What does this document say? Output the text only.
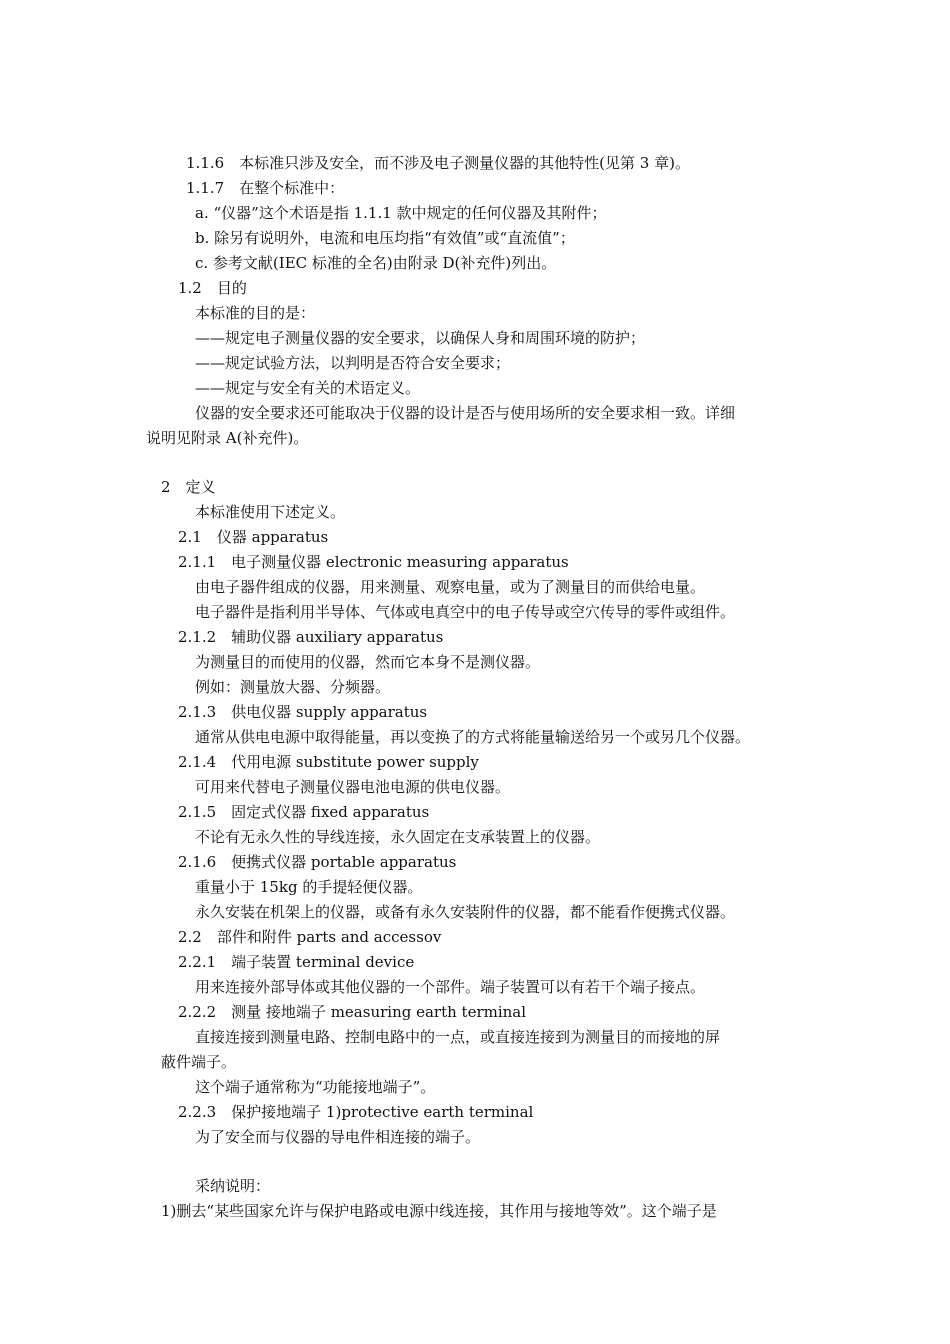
1.1.6　本标准只涉及安全，而不涉及电子测量仪器的其他特性(见第 3 章)。
1.1.7　在整个标准中：
a. “仪器”这个术语是指 1.1.1 款中规定的任何仪器及其附件；
b. 除另有说明外，电流和电压均指“有效值”或“直流值”；
c. 参考文献(IEC 标准的全名)由附录 D(补充件)列出。
1.2　目的
本标准的目的是：
——规定电子测量仪器的安全要求，以确保人身和周围环境的防护；
——规定试验方法，以判明是否符合安全要求；
——规定与安全有关的术语定义。
仪器的安全要求还可能取决于仪器的设计是否与使用场所的安全要求相一致。详细
说明见附录 A(补充件)。
2　定义
本标准使用下述定义。
2.1　仪器 apparatus
2.1.1　电子测量仪器 electronic measuring apparatus
由电子器件组成的仪器，用来测量、观察电量，或为了测量目的而供给电量。
电子器件是指利用半导体、气体或电真空中的电子传导或空穴传导的零件或组件。
2.1.2　辅助仪器 auxiliary apparatus
为测量目的而使用的仪器，然而它本身不是测仪器。
例如：测量放大器、分频器。
2.1.3　供电仪器 supply apparatus
通常从供电电源中取得能量，再以变换了的方式将能量输送给另一个或另几个仪器。
2.1.4　代用电源 substitute power supply
可用来代替电子测量仪器电池电源的供电仪器。
2.1.5　固定式仪器 fixed apparatus
不论有无永久性的导线连接，永久固定在支承装置上的仪器。
2.1.6　便携式仪器 portable apparatus
重量小于 15kg 的手提轻便仪器。
永久安装在机架上的仪器，或备有永久安装附件的仪器，都不能看作便携式仪器。
2.2　部件和附件 parts and accessov
2.2.1　端子装置 terminal device
用来连接外部导体或其他仪器的一个部件。端子装置可以有若干个端子接点。
2.2.2　测量 接地端子 measuring earth terminal
直接连接到测量电路、控制电路中的一点，或直接连接到为测量目的而接地的屏
蔽件端子。
这个端子通常称为“功能接地端子”。
2.2.3　保护接地端子 1)protective earth terminal
为了安全而与仪器的导电件相连接的端子。
采纳说明：
1)删去“某些国家允许与保护电路或电源中线连接，其作用与接地等效”。这个端子是
